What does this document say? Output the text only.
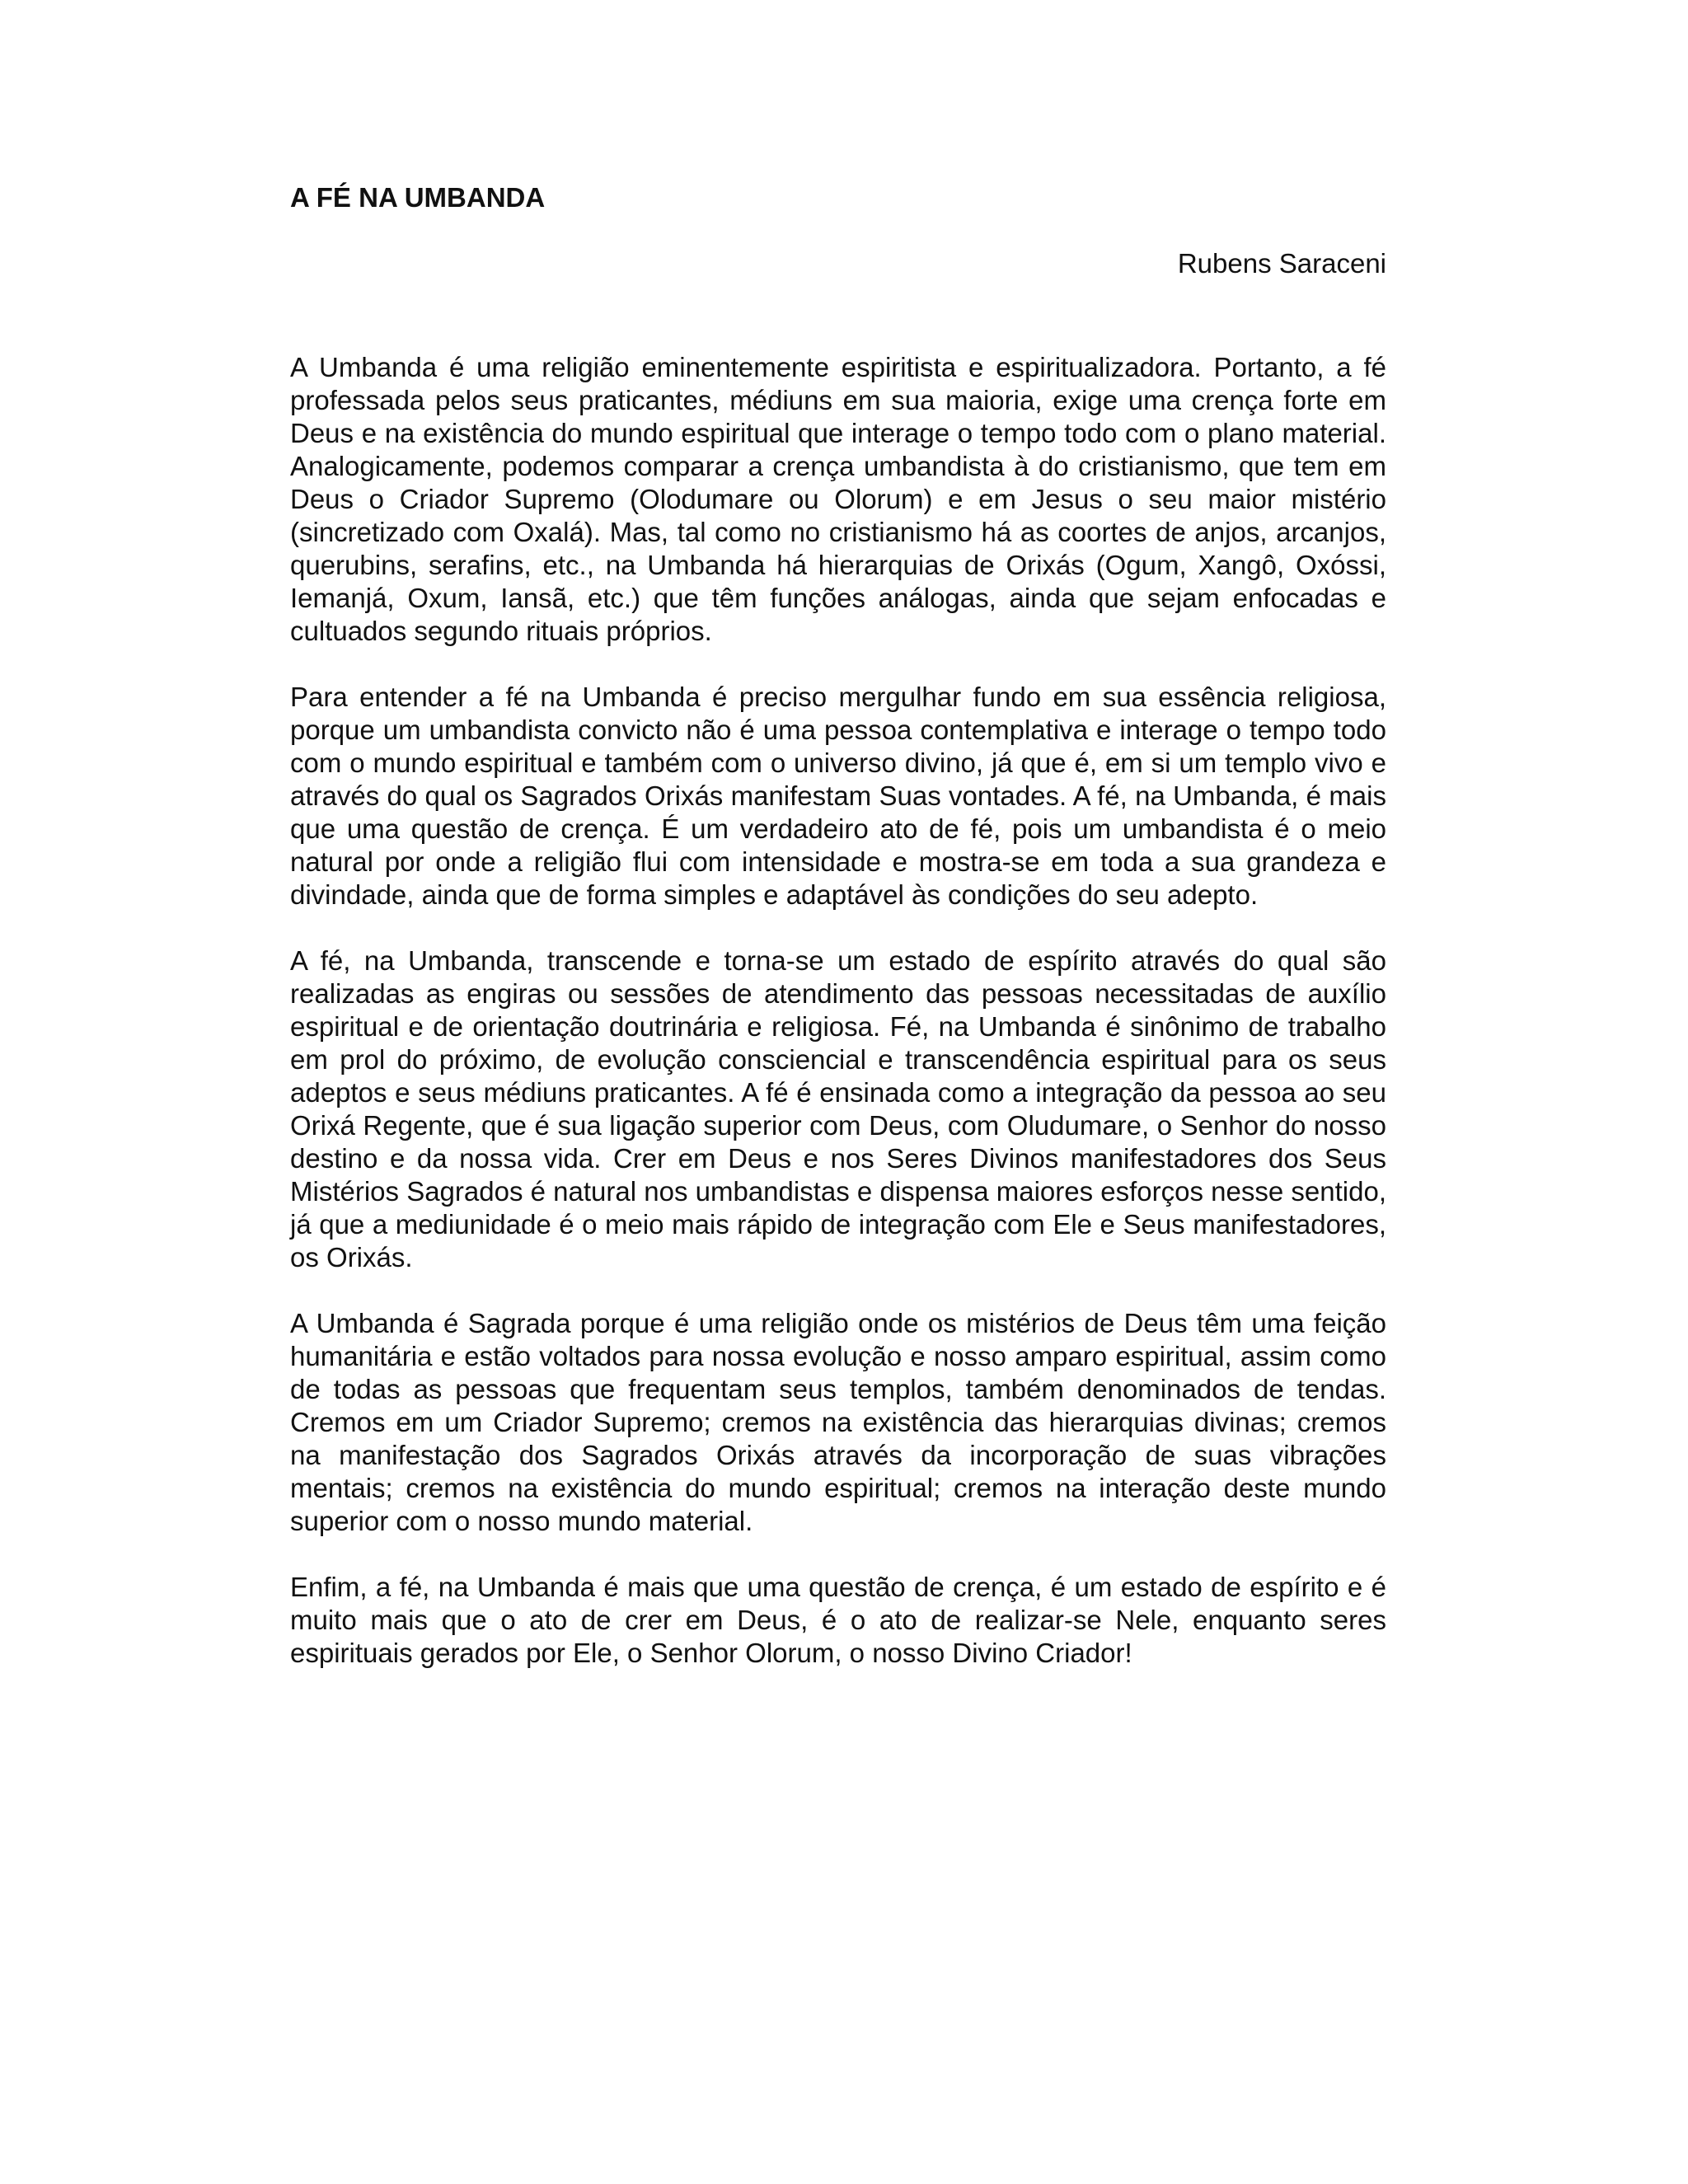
A FÉ NA UMBANDA

Rubens Saraceni

A Umbanda é uma religião eminentemente espiritista e espiritualizadora. Portanto, a fé professada pelos seus praticantes, médiuns em sua maioria, exige uma crença forte em Deus e na existência do mundo espiritual que interage o tempo todo com o plano material. Analogicamente, podemos comparar a crença umbandista à do cristianismo, que tem em Deus o Criador Supremo (Olodumare ou Olorum) e em Jesus o seu maior mistério (sincretizado com Oxalá). Mas, tal como no cristianismo há as coortes de anjos, arcanjos, querubins, serafins, etc., na Umbanda há hierarquias de Orixás (Ogum, Xangô, Oxóssi, Iemanjá, Oxum, Iansã, etc.) que têm funções análogas, ainda que sejam enfocadas e cultuados segundo rituais próprios.

Para entender a fé na Umbanda é preciso mergulhar fundo em sua essência religiosa, porque um umbandista convicto não é uma pessoa contemplativa e interage o tempo todo com o mundo espiritual e também com o universo divino, já que é, em si um templo vivo e através do qual os Sagrados Orixás manifestam Suas vontades. A fé, na Umbanda, é mais que uma questão de crença. É um verdadeiro ato de fé, pois um umbandista é o meio natural por onde a religião flui com intensidade e mostra-se em toda a sua grandeza e divindade, ainda que de forma simples e adaptável às condições do seu adepto.

A fé, na Umbanda, transcende e torna-se um estado de espírito através do qual são realizadas as engiras ou sessões de atendimento das pessoas necessitadas de auxílio espiritual e de orientação doutrinária e religiosa. Fé, na Umbanda é sinônimo de trabalho em prol do próximo, de evolução consciencial e transcendência espiritual para os seus adeptos e seus médiuns praticantes. A fé é ensinada como a integração da pessoa ao seu Orixá Regente, que é sua ligação superior com Deus, com Oludumare, o Senhor do nosso destino e da nossa vida. Crer em Deus e nos Seres Divinos manifestadores dos Seus Mistérios Sagrados é natural nos umbandistas e dispensa maiores esforços nesse sentido, já que a mediunidade é o meio mais rápido de integração com Ele e Seus manifestadores, os Orixás.

A Umbanda é Sagrada porque é uma religião onde os mistérios de Deus têm uma feição humanitária e estão voltados para nossa evolução e nosso amparo espiritual, assim como de todas as pessoas que frequentam seus templos, também denominados de tendas. Cremos em um Criador Supremo; cremos na existência das hierarquias divinas; cremos na manifestação dos Sagrados Orixás através da incorporação de suas vibrações mentais; cremos na existência do mundo espiritual; cremos na interação deste mundo superior com o nosso mundo material.

Enfim, a fé, na Umbanda é mais que uma questão de crença, é um estado de espírito e é muito mais que o ato de crer em Deus, é o ato de realizar-se Nele, enquanto seres espirituais gerados por Ele, o Senhor Olorum, o nosso Divino Criador!
